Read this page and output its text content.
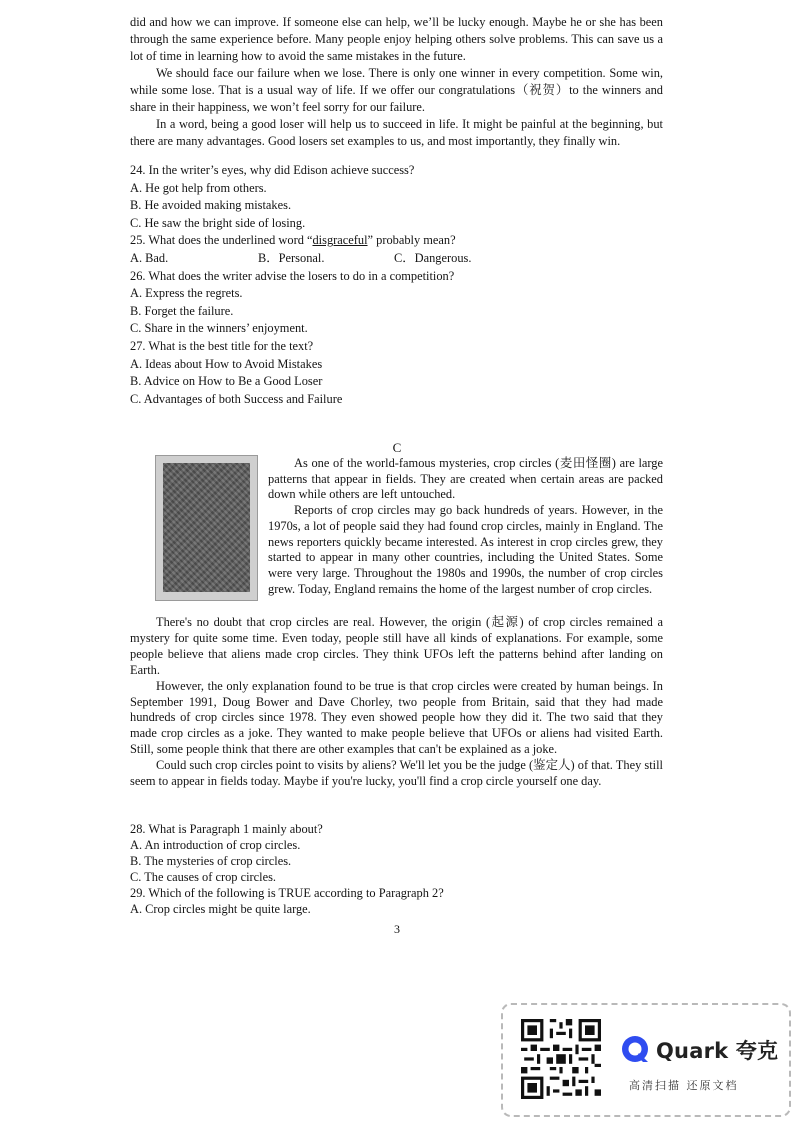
did and how we can improve. If someone else can help, we’ll be lucky enough. Maybe he or she has been through the same experience before. Many people enjoy helping others solve problems. This can save us a lot of time in learning how to avoid the same mistakes in the future.

We should face our failure when we lose. There is only one winner in every competition. Some win, while some lose. That is a usual way of life. If we offer our congratulations（祝贺）to the winners and share in their happiness, we won’t feel sorry for our failure.

In a word, being a good loser will help us to succeed in life. It might be painful at the beginning, but there are many advantages. Good losers set examples to us, and most importantly, they finally win.

24. In the writer’s eyes, why did Edison achieve success?

A. He got help from others.

B. He avoided making mistakes.

C. He saw the bright side of losing.

25. What does the underlined word “disgraceful” probably mean?

A. Bad.	B．Personal.	C．Dangerous.

26. What does the writer advise the losers to do in a competition?

A. Express the regrets.

B. Forget the failure.

C. Share in the winners’ enjoyment.

27. What is the best title for the text?

A. Ideas about How to Avoid Mistakes

B. Advice on How to Be a Good Loser

C. Advantages of both Success and Failure

C

As one of the world-famous mysteries, crop circles (麦田怪圈) are large patterns that appear in fields. They are created when certain areas are packed down while others are left untouched.

Reports of crop circles may go back hundreds of years. However, in the 1970s, a lot of people said they had found crop circles, mainly in England. The news reporters quickly became interested. As interest in crop circles grew, they started to appear in many other countries, including the United States. Some were very large. Throughout the 1980s and 1990s, the number of crop circles grew. Today, England remains the home of the largest number of crop circles.

There's no doubt that crop circles are real. However, the origin (起源) of crop circles remained a mystery for quite some time. Even today, people still have all kinds of explanations. For example, some people believe that aliens made crop circles. They think UFOs left the patterns behind after landing on Earth.

However, the only explanation found to be true is that crop circles were created by human beings. In September 1991, Doug Bower and Dave Chorley, two people from Britain, said that they had made hundreds of crop circles since 1978. They even showed people how they did it. The two said that they made crop circles as a joke. They wanted to make people believe that UFOs or aliens had visited Earth. Still, some people think that there are other examples that can't be explained as a joke.

Could such crop circles point to visits by aliens? We'll let you be the judge (鉴定人) of that. They still seem to appear in fields today. Maybe if you're lucky, you'll find a crop circle yourself one day.

28. What is Paragraph 1 mainly about?

A. An introduction of crop circles.

B. The mysteries of crop circles.

C. The causes of crop circles.

29. Which of the following is TRUE according to Paragraph 2?

A. Crop circles might be quite large.

3
Quark 夸克
高清扫描 还原文档
